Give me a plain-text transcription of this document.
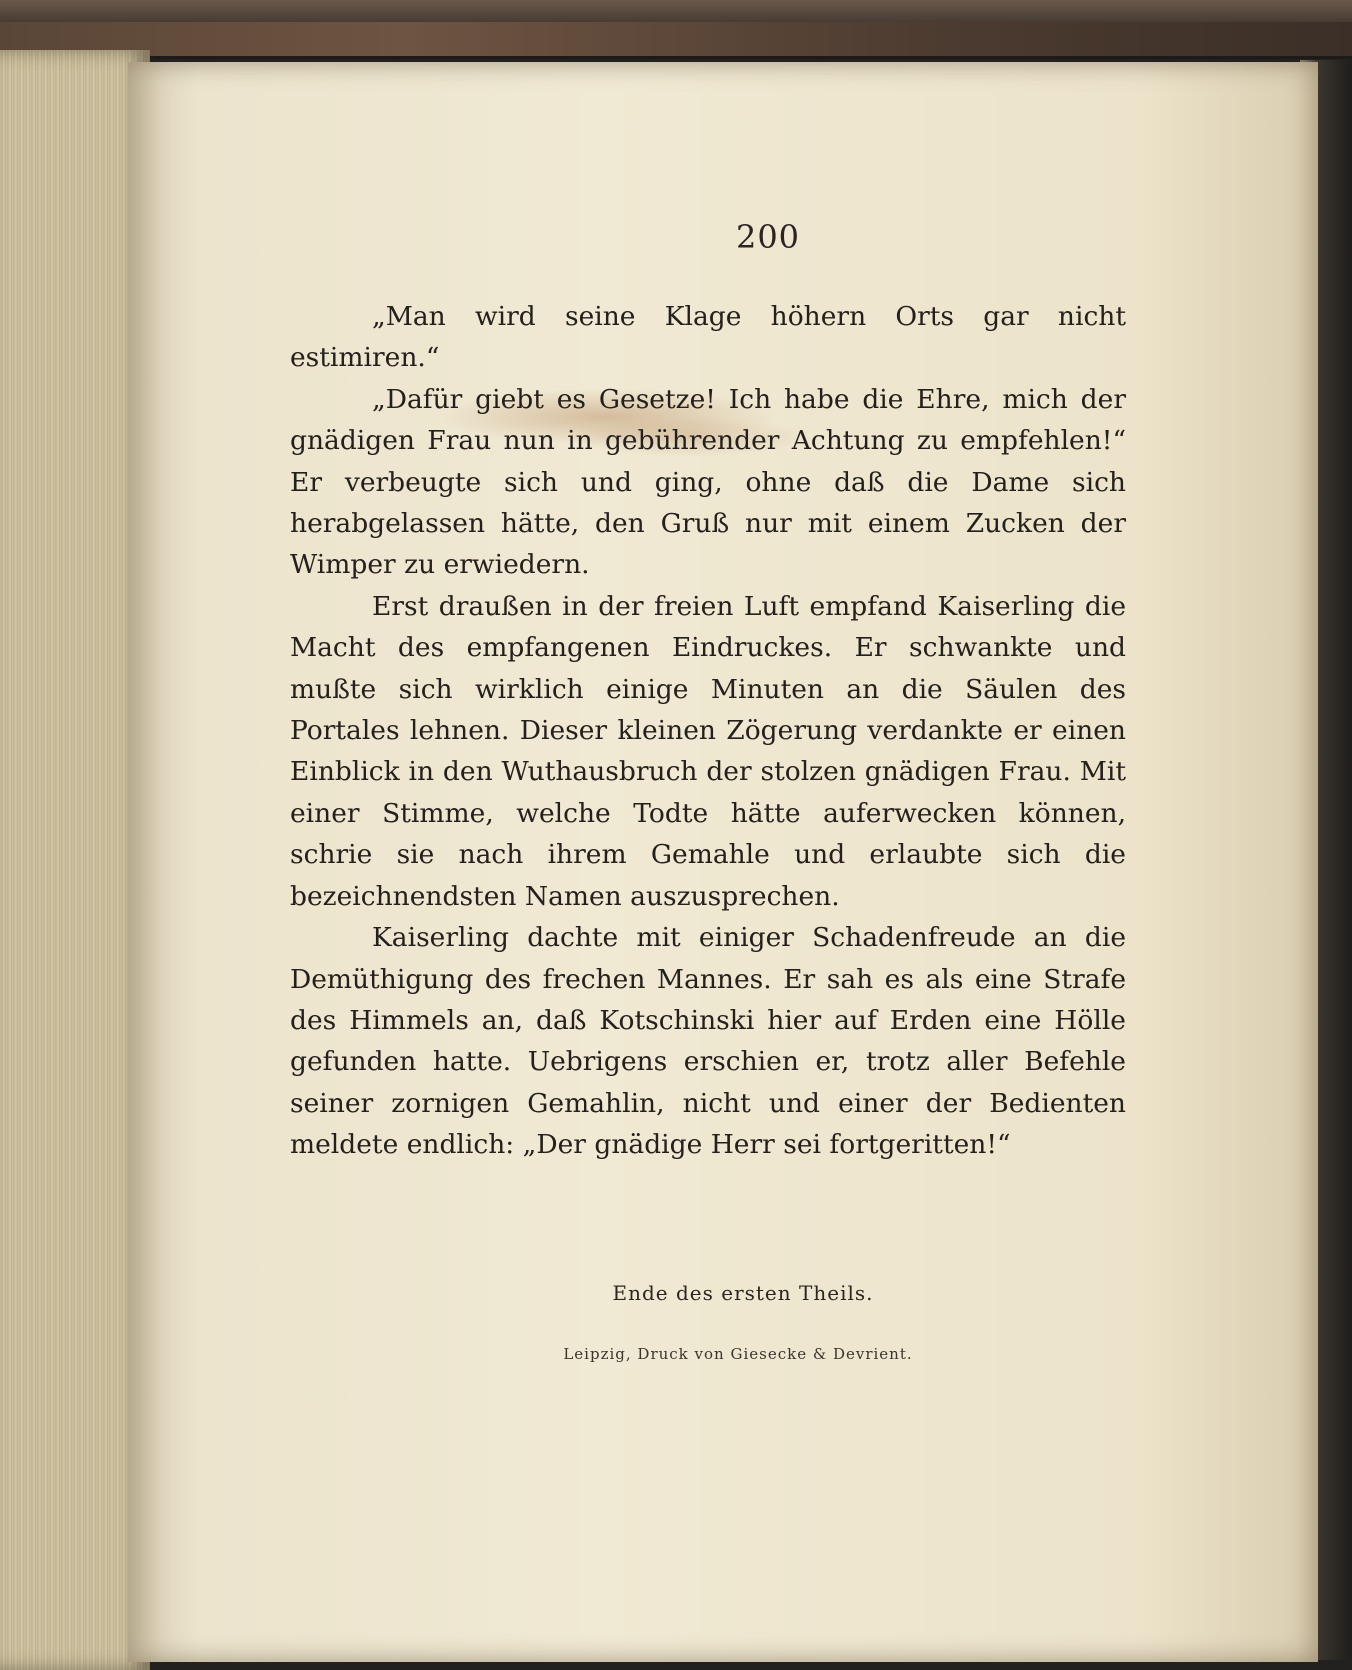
200

„Man wird seine Klage höhern Orts gar nicht estimiren.“

„Dafür giebt es Gesetze! Ich habe die Ehre, mich der gnädigen Frau nun in gebührender Achtung zu empfehlen!“ Er verbeugte sich und ging, ohne daß die Dame sich herabgelassen hätte, den Gruß nur mit einem Zucken der Wimper zu erwiedern.

Erst draußen in der freien Luft empfand Kaiserling die Macht des empfangenen Eindruckes. Er schwankte und mußte sich wirklich einige Minuten an die Säulen des Portales lehnen. Dieser kleinen Zögerung verdankte er einen Einblick in den Wuthausbruch der stolzen gnädigen Frau. Mit einer Stimme, welche Todte hätte auferwecken können, schrie sie nach ihrem Gemahle und erlaubte sich die bezeichnendsten Namen auszusprechen.

Kaiserling dachte mit einiger Schadenfreude an die Demüthigung des frechen Mannes. Er sah es als eine Strafe des Himmels an, daß Kotschinski hier auf Erden eine Hölle gefunden hatte. Uebrigens erschien er, trotz aller Befehle seiner zornigen Gemahlin, nicht und einer der Bedienten meldete endlich: „Der gnädige Herr sei fortgeritten!“

Ende des ersten Theils.
Leipzig, Druck von Giesecke & Devrient.
